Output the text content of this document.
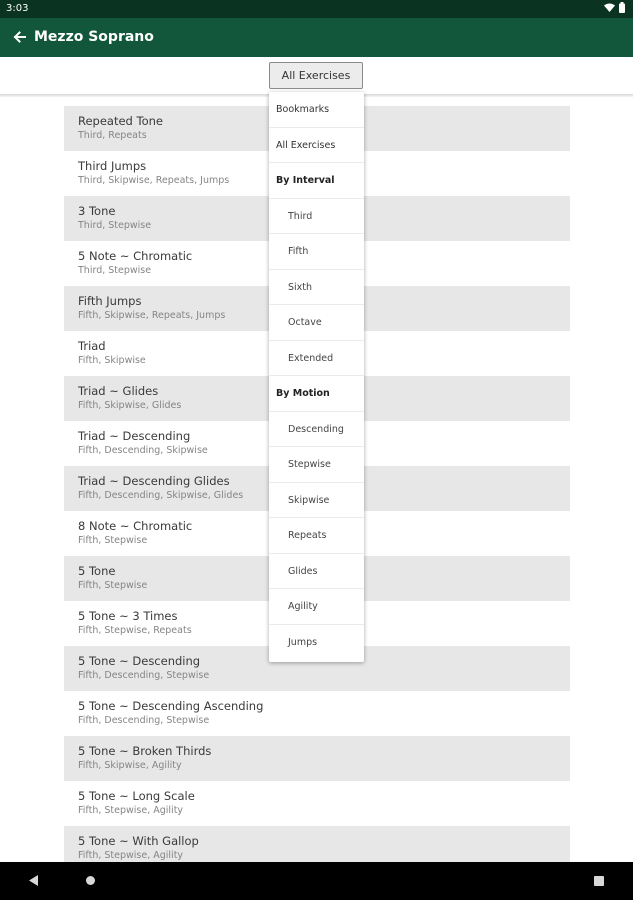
3:03
Mezzo Soprano
Repeated Tone
Third, Repeats
Third Jumps
Third, Skipwise, Repeats, Jumps
3 Tone
Third, Stepwise
5 Note ~ Chromatic
Third, Stepwise
Fifth Jumps
Fifth, Skipwise, Repeats, Jumps
Triad
Fifth, Skipwise
Triad ~ Glides
Fifth, Skipwise, Glides
Triad ~ Descending
Fifth, Descending, Skipwise
Triad ~ Descending Glides
Fifth, Descending, Skipwise, Glides
8 Note ~ Chromatic
Fifth, Stepwise
5 Tone
Fifth, Stepwise
5 Tone ~ 3 Times
Fifth, Stepwise, Repeats
5 Tone ~ Descending
Fifth, Descending, Stepwise
5 Tone ~ Descending Ascending
Fifth, Descending, Stepwise
5 Tone ~ Broken Thirds
Fifth, Skipwise, Agility
5 Tone ~ Long Scale
Fifth, Stepwise, Agility
5 Tone ~ With Gallop
Fifth, Stepwise, Agility
All Exercises
Bookmarks
All Exercises
By Interval
Third
Fifth
Sixth
Octave
Extended
By Motion
Descending
Stepwise
Skipwise
Repeats
Glides
Agility
Jumps
